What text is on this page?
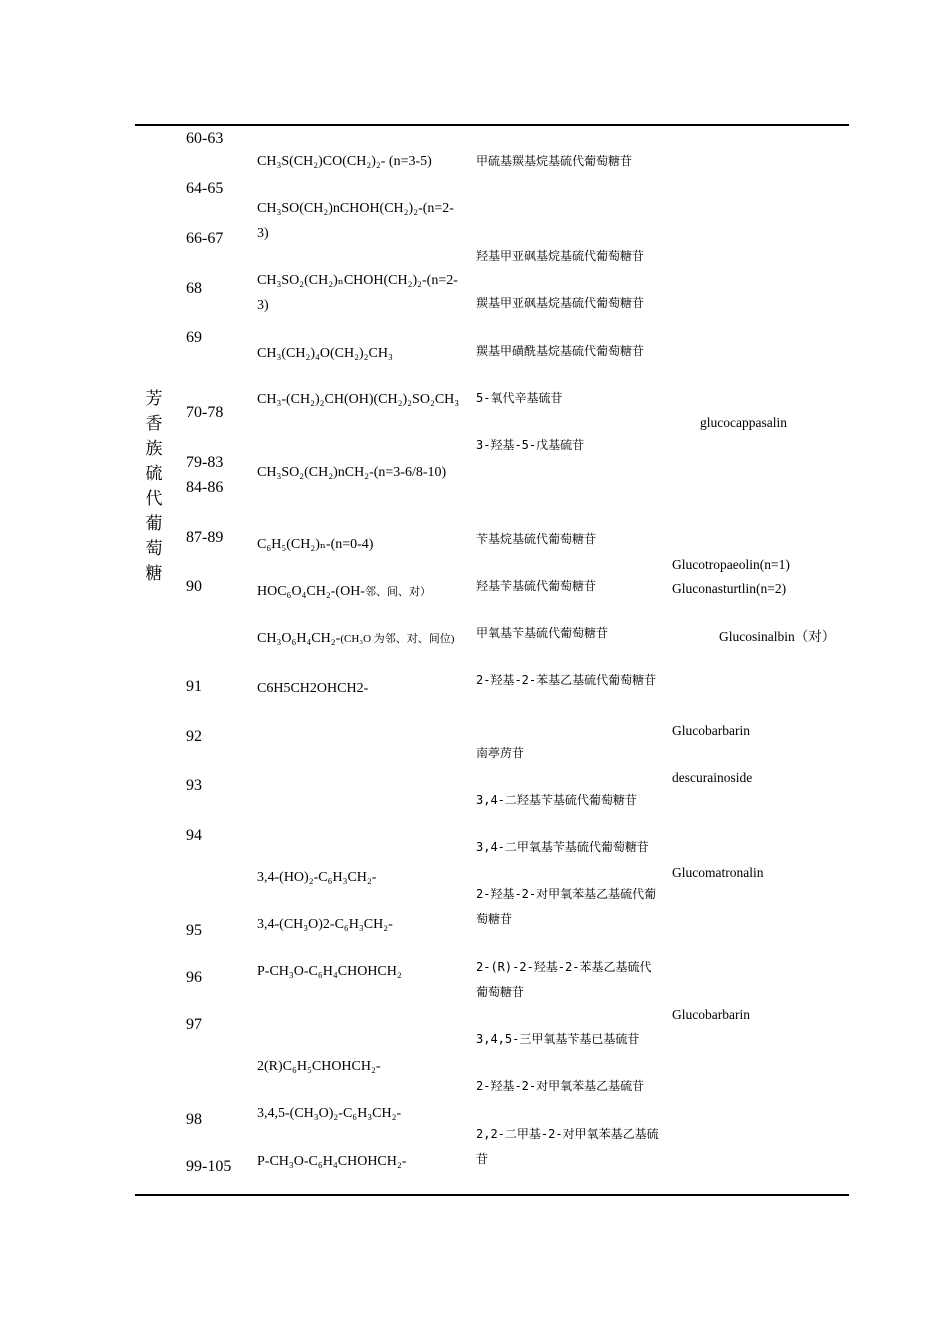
芳香族硫代葡萄糖
60-63
64-65
66-67
68
69
70-78
79-83
84-86
87-89
90
91
92
93
94
95
96
97
98
99-105
CH₃S(CH₂)CO(CH₂)₂- (n=3-5)
CH₃SO(CH₂)nCHOH(CH₂)₂-(n=2-3)
CH₃SO₂(CH₂)ₙCHOH(CH₂)₂-(n=2-3)
CH₃(CH₂)₄O(CH₂)₂CH₃
CH₃-(CH₂)₂CH(OH)(CH₂)₂SO₂CH₃
CH₃SO₂(CH₂)nCH₂-(n=3-6/8-10)
C₆H₅(CH₂)ₙ-(n=0-4)
HOC₆O₄CH₂-(OH-邻、间、对）
CH₃O₆H₄CH₂-(CH₃O 为邻、对、间位)
C6H5CH2OHCH2-
3,4-(HO)₂-C₆H₃CH₂-
3,4-(CH₃O)2-C₆H₃CH₂-
P-CH₃O-C₆H₄CHOHCH₂
2(R)C₆H₅CHOHCH₂-
3,4,5-(CH₃O)₂-C₆H₃CH₂-
P-CH₃O-C₆H₄CHOHCH₂-
甲硫基羰基烷基硫代葡萄糖苷
羟基甲亚砜基烷基硫代葡萄糖苷
羰基甲亚砜基烷基硫代葡萄糖苷
羰基甲磺酰基烷基硫代葡萄糖苷
5-氧代辛基硫苷
3-羟基-5-戊基硫苷
苄基烷基硫代葡萄糖苷
羟基苄基硫代葡萄糖苷
甲氧基苄基硫代葡萄糖苷
2-羟基-2-苯基乙基硫代葡萄糖苷
南葶苈苷
3,4-二羟基苄基硫代葡萄糖苷
3,4-二甲氧基苄基硫代葡萄糖苷
2-羟基-2-对甲氧苯基乙基硫代葡萄糖苷
2-(R)-2-羟基-2-苯基乙基硫代葡萄糖苷
3,4,5-三甲氧基苄基已基硫苷
2-羟基-2-对甲氧苯基乙基硫苷
2,2-二甲基-2-对甲氧苯基乙基硫苷
glucocappasalin
Glucotropaeolin(n=1)
Gluconasturtlin(n=2)
Glucosinalbin（对）
Glucobarbarin
descurainoside
Glucomatronalin
Glucobarbarin
